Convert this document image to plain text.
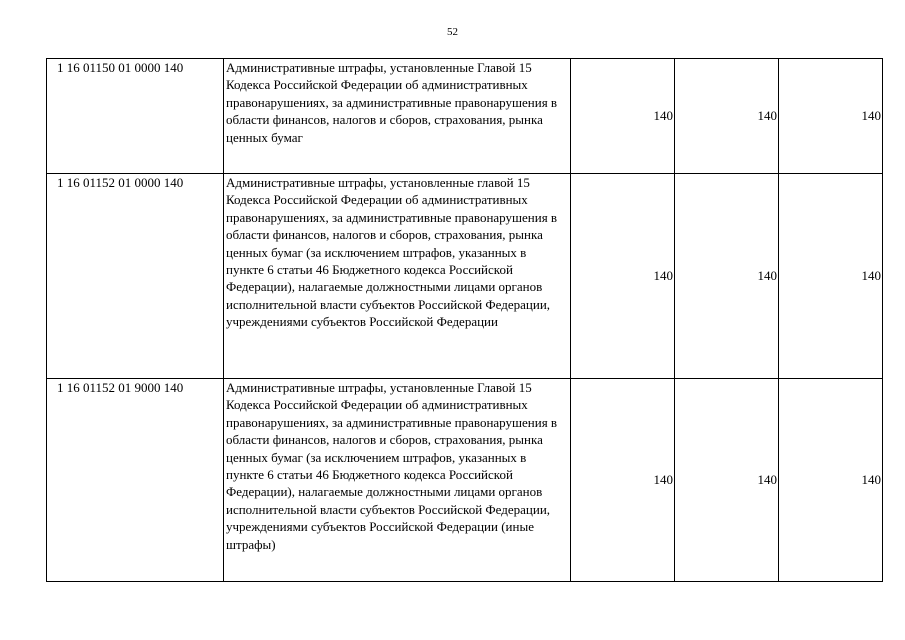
52
1 16 01150 01 0000 140	Административные штрафы, установленные Главой 15 Кодекса Российской Федерации об административных правонарушениях, за административные правонарушения в области финансов, налогов и сборов, страхования, рынка ценных бумаг	140	140	140
1 16 01152 01 0000 140	Административные штрафы, установленные главой 15 Кодекса Российской Федерации об административных правонарушениях, за административные правонарушения в области финансов, налогов и сборов, страхования, рынка ценных бумаг (за исключением штрафов, указанных в пункте 6 статьи 46 Бюджетного кодекса Российской Федерации), налагаемые должностными лицами органов исполнительной власти субъектов Российской Федерации, учреждениями субъектов Российской Федерации	140	140	140
1 16 01152 01 9000 140	Административные штрафы, установленные Главой 15 Кодекса Российской Федерации об административных правонарушениях, за административные правонарушения в области финансов, налогов и сборов, страхования, рынка ценных бумаг (за исключением штрафов, указанных в пункте 6 статьи 46 Бюджетного кодекса Российской Федерации), налагаемые должностными лицами органов исполнительной власти субъектов Российской Федерации, учреждениями субъектов Российской Федерации (иные штрафы)	140	140	140
